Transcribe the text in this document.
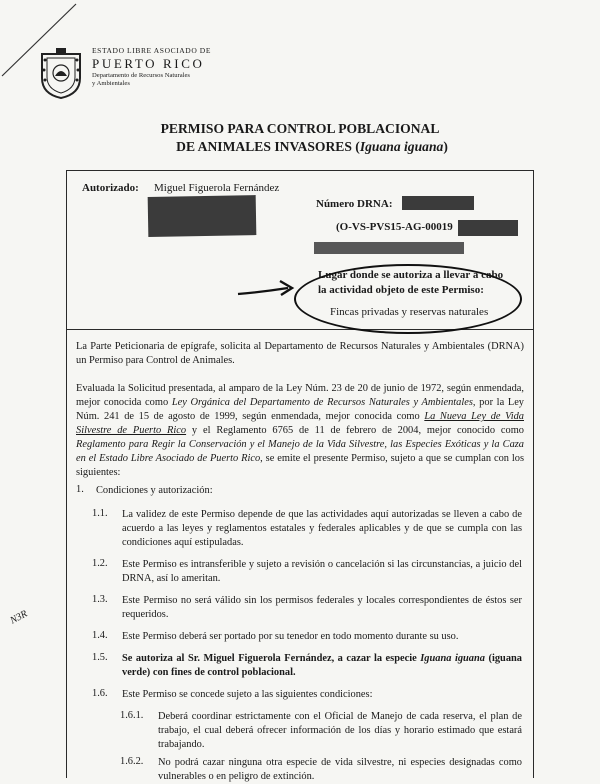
ESTADO LIBRE ASOCIADO DE
PUERTO RICO
Departamento de Recursos Naturales
y Ambientales
PERMISO PARA CONTROL POBLACIONAL
DE ANIMALES INVASORES (Iguana iguana)
Autorizado: Miguel Figuerola Fernández
Número DRNA:
(O-VS-PVS15-AG-00019
Lugar donde se autoriza a llevar a cabo
la actividad objeto de este Permiso:
Fincas privadas y reservas naturales
La Parte Peticionaria de epígrafe, solicita al Departamento de Recursos Naturales y Ambientales (DRNA) un Permiso para Control de Animales.
Evaluada la Solicitud presentada, al amparo de la Ley Núm. 23 de 20 de junio de 1972, según enmendada, mejor conocida como Ley Orgánica del Departamento de Recursos Naturales y Ambientales, por la Ley Núm. 241 de 15 de agosto de 1999, según enmendada, mejor conocida como La Nueva Ley de Vida Silvestre de Puerto Rico y el Reglamento 6765 de 11 de febrero de 2004, mejor conocido como Reglamento para Regir la Conservación y el Manejo de la Vida Silvestre, las Especies Exóticas y la Caza en el Estado Libre Asociado de Puerto Rico, se emite el presente Permiso, sujeto a que se cumplan con los siguientes:
1. Condiciones y autorización:
1.1. La validez de este Permiso depende de que las actividades aquí autorizadas se lleven a cabo de acuerdo a las leyes y reglamentos estatales y federales aplicables y de que se cumpla con las condiciones aquí estipuladas.
1.2. Este Permiso es intransferible y sujeto a revisión o cancelación si las circunstancias, a juicio del DRNA, así lo ameritan.
1.3. Este Permiso no será válido sin los permisos federales y locales correspondientes de éstos ser requeridos.
1.4. Este Permiso deberá ser portado por su tenedor en todo momento durante su uso.
1.5. Se autoriza al Sr. Miguel Figuerola Fernández, a cazar la especie Iguana iguana (iguana verde) con fines de control poblacional.
1.6. Este Permiso se concede sujeto a las siguientes condiciones:
1.6.1. Deberá coordinar estrictamente con el Oficial de Manejo de cada reserva, el plan de trabajo, el cual deberá ofrecer información de los días y horario estimado que estará trabajando.
1.6.2. No podrá cazar ninguna otra especie de vida silvestre, ni especies designadas como vulnerables o en peligro de extinción.
N3R
